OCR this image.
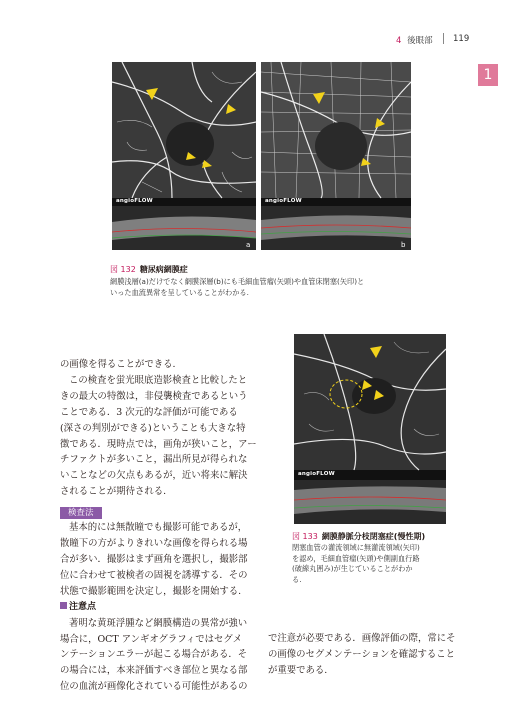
4 後眼部 119
1
angioFLOW
a
angioFLOW
b
図 132 糖尿病網膜症
網膜浅層(a)だけでなく網膜深層(b)にも毛細血管瘤(矢頭)や血管床閉塞(矢印)と
いった血流異常を呈していることがわかる.
angioFLOW
図 133 網膜静脈分枝閉塞症(慢性期)
閉塞血管の灌流領域に無灌流領域(矢印)
を認め，毛細血管瘤(矢頭)や側副血行路
(破線丸囲み)が生じていることがわか
る.
の画像を得ることができる.
この検査を蛍光眼底造影検査と比較したと
きの最大の特徴は，非侵襲検査であるという
ことである．3 次元的な評価が可能である
(深さの判別ができる)ということも大きな特
徴である．現時点では，画角が狭いこと，アー
チファクトが多いこと，漏出所見が得られな
いことなどの欠点もあるが，近い将来に解決
されることが期待される.
検査法
基本的には無散瞳でも撮影可能であるが，
散瞳下の方がよりきれいな画像を得られる場
合が多い．撮影はまず画角を選択し，撮影部
位に合わせて被検者の固視を誘導する．その
状態で撮影範囲を決定し，撮影を開始する.
注意点
著明な黄斑浮腫など網膜構造の異常が強い
場合に，OCT アンギオグラフィではセグメ
ンテーションエラーが起こる場合がある．そ
の場合には，本来評価すべき部位と異なる部
位の血流が画像化されている可能性があるの
で注意が必要である．画像評価の際，常にそ
の画像のセグメンテーションを確認すること
が重要である.
